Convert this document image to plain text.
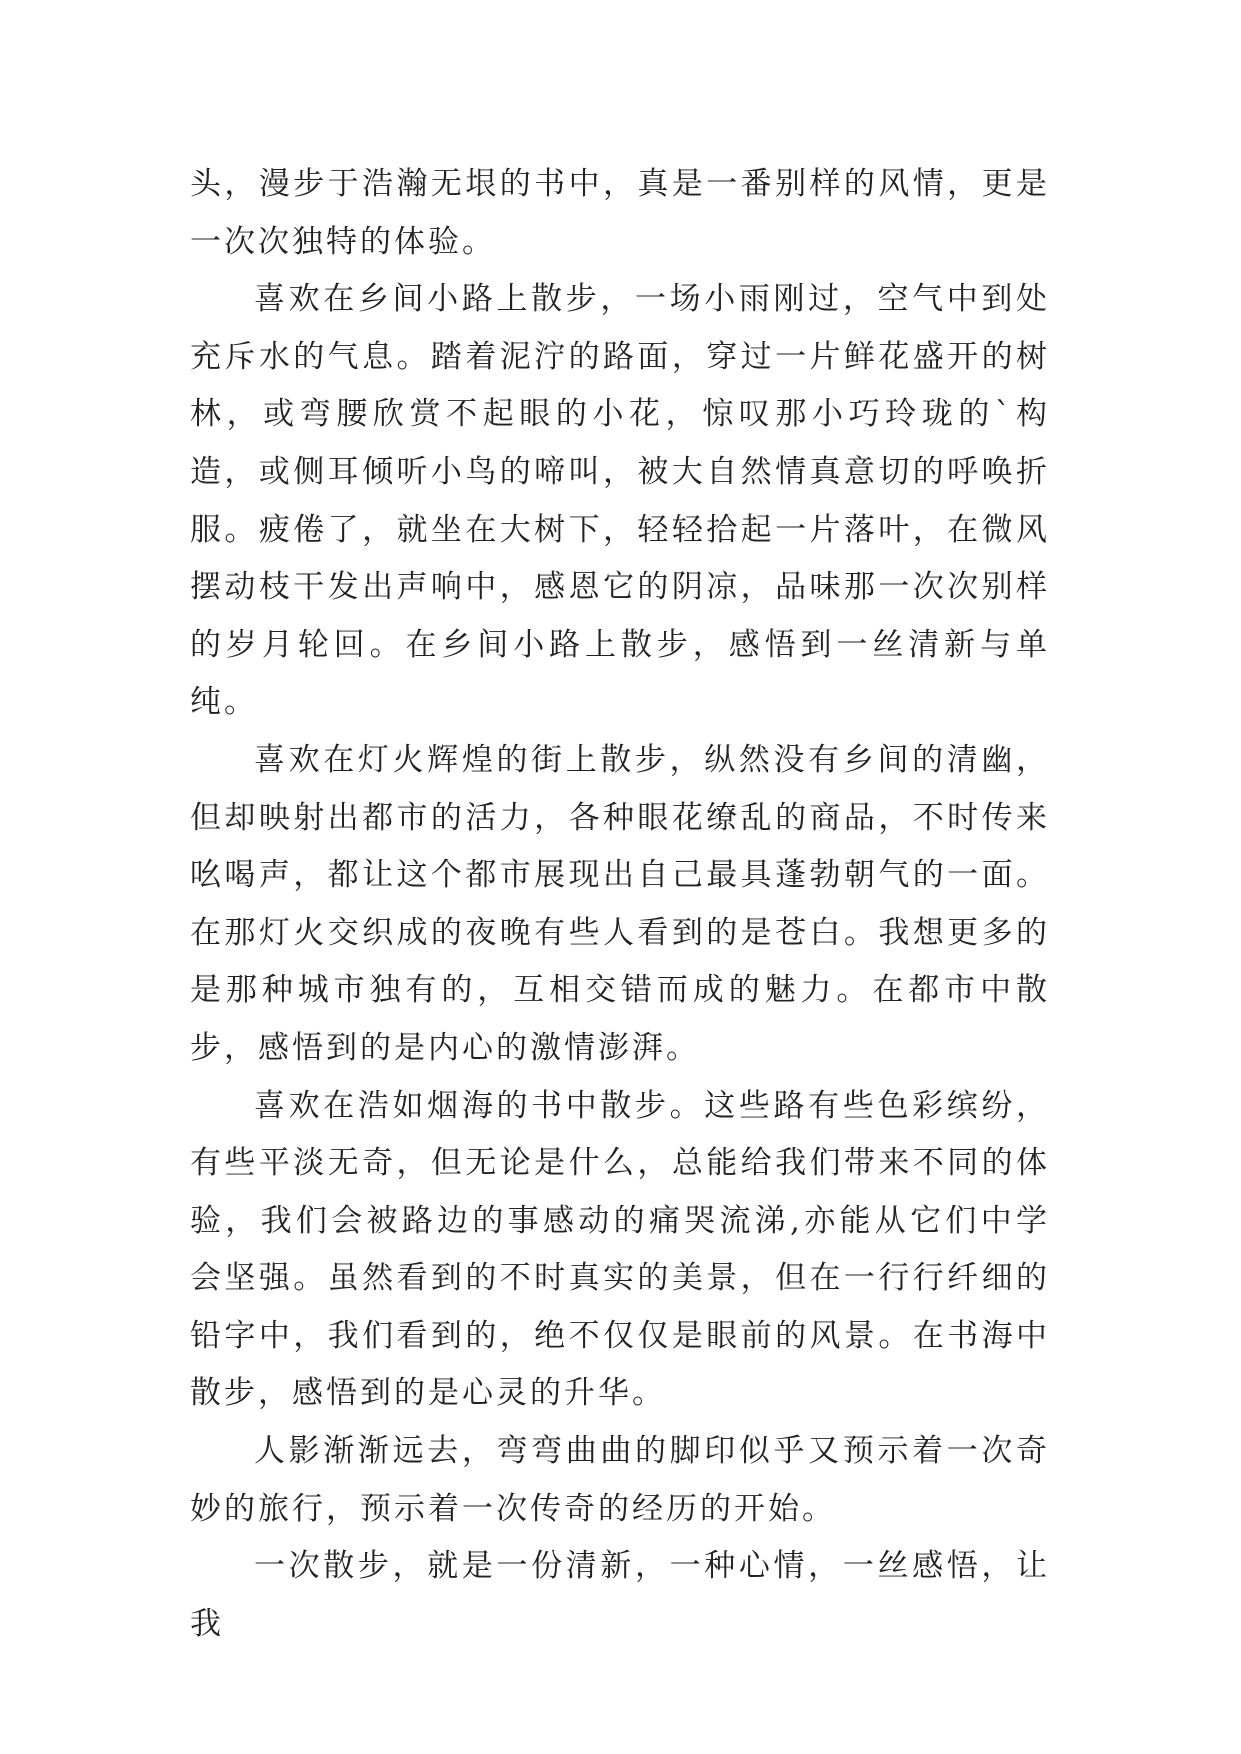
头，漫步于浩瀚无垠的书中，真是一番别样的风情，更是一次次独特的体验。

喜欢在乡间小路上散步，一场小雨刚过，空气中到处充斥水的气息。踏着泥泞的路面，穿过一片鲜花盛开的树林，或弯腰欣赏不起眼的小花，惊叹那小巧玲珑的`构造，或侧耳倾听小鸟的啼叫，被大自然情真意切的呼唤折服。疲倦了，就坐在大树下，轻轻拾起一片落叶，在微风摆动枝干发出声响中，感恩它的阴凉，品味那一次次别样的岁月轮回。在乡间小路上散步，感悟到一丝清新与单纯。

喜欢在灯火辉煌的街上散步，纵然没有乡间的清幽，但却映射出都市的活力，各种眼花缭乱的商品，不时传来吆喝声，都让这个都市展现出自己最具蓬勃朝气的一面。在那灯火交织成的夜晚有些人看到的是苍白。我想更多的是那种城市独有的，互相交错而成的魅力。在都市中散步，感悟到的是内心的激情澎湃。

喜欢在浩如烟海的书中散步。这些路有些色彩缤纷，有些平淡无奇，但无论是什么，总能给我们带来不同的体验，我们会被路边的事感动的痛哭流涕,亦能从它们中学会坚强。虽然看到的不时真实的美景，但在一行行纤细的铅字中，我们看到的，绝不仅仅是眼前的风景。在书海中散步，感悟到的是心灵的升华。

人影渐渐远去，弯弯曲曲的脚印似乎又预示着一次奇妙的旅行，预示着一次传奇的经历的开始。

一次散步，就是一份清新，一种心情，一丝感悟，让我
